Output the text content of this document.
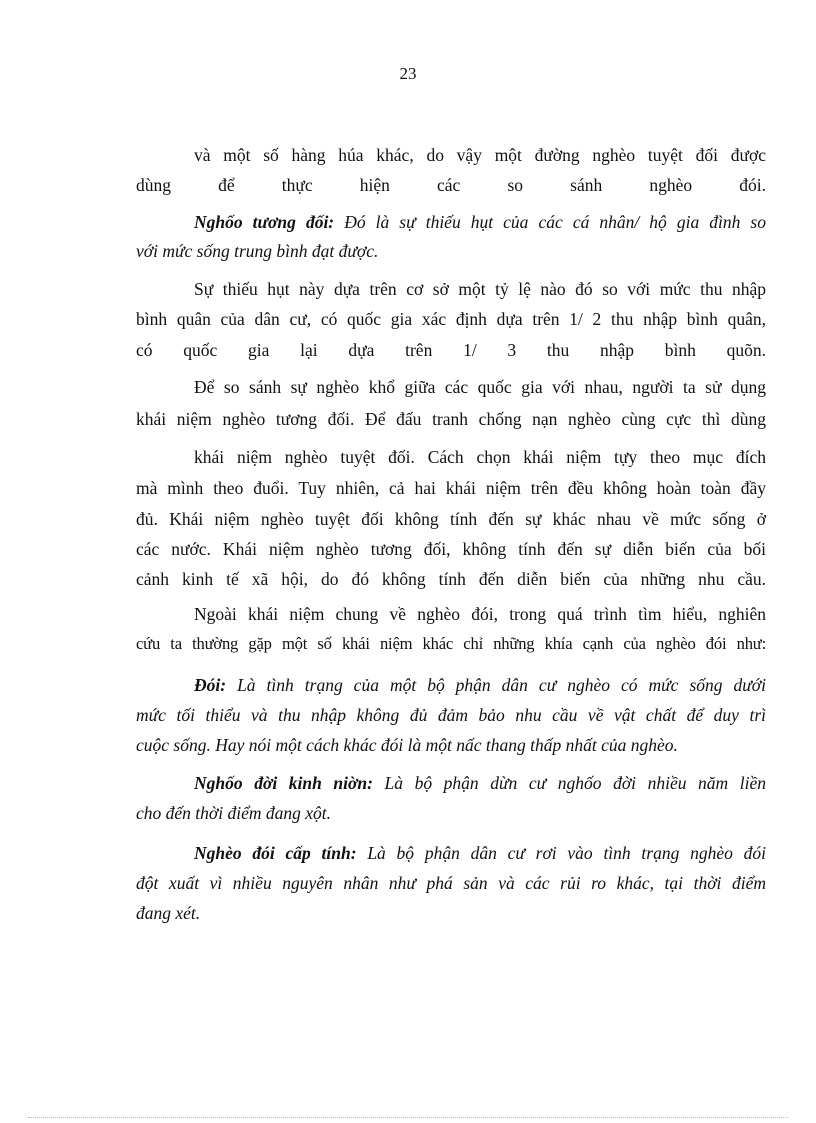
23
và một số hàng húa khác, do vậy một đường nghèo tuyệt đối được
dùng để thực hiện các so sánh nghèo đói.
Nghốo tương đối: Đó là sự thiếu hụt của các cá nhân/ hộ gia đình so
với mức sống trung bình đạt được.
Sự thiếu hụt này dựa trên cơ sở một tỷ lệ nào đó so với mức thu nhập
bình quân của dân cư, có quốc gia xác định dựa trên 1/ 2 thu nhập bình quân,
có quốc gia lại dựa trên 1/ 3 thu nhập bình quõn.
Để so sánh sự nghèo khổ giữa các quốc gia với nhau, người ta sử dụng
khái niệm nghèo tương đối. Để đấu tranh chống nạn nghèo cùng cực thì dùng
khái niệm nghèo tuyệt đối. Cách chọn khái niệm tựy theo mục đích
mà mình theo đuổi. Tuy nhiên, cả hai khái niệm trên đều không hoàn toàn đầy
đủ. Khái niệm nghèo tuyệt đối không tính đến sự khác nhau về mức sống ở
các nước. Khái niệm nghèo tương đối, không tính đến sự diễn biến của bối
cảnh kinh tế xã hội, do đó không tính đến diễn biến của những nhu cầu.
Ngoài khái niệm chung về nghèo đói, trong quá trình tìm hiểu, nghiên
cứu ta thường gặp một số khái niệm khác chỉ những khía cạnh của nghèo đói như:
Đói: Là tình trạng của một bộ phận dân cư nghèo có mức sống dưới
mức tối thiểu và thu nhập không đủ đảm bảo nhu cầu về vật chất để duy trì
cuộc sống. Hay nói một cách khác đói là một nấc thang thấp nhất của nghèo.
Nghốo đời kinh niờn: Là bộ phận dừn cư nghốo đời nhiều năm liền
cho đến thời điểm đang xột.
Nghèo đói cấp tính: Là bộ phận dân cư rơi vào tình trạng nghèo đói
đột xuất vì nhiều nguyên nhân như phá sản và các rủi ro khác, tại thời điểm
đang xét.
